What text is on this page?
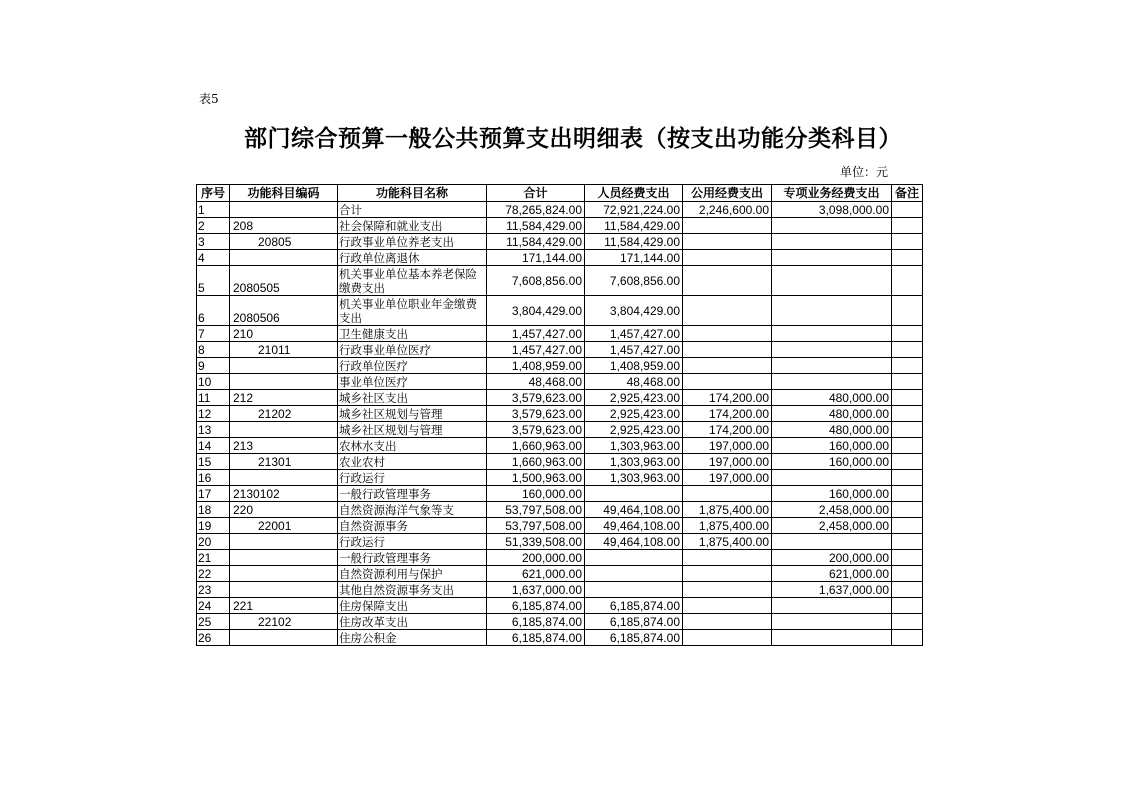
表5
部门综合预算一般公共预算支出明细表（按支出功能分类科目）
单位：元
序号	功能科目编码	功能科目名称	合计	人员经费支出	公用经费支出	专项业务经费支出	备注
1		合计	78,265,824.00	72,921,224.00	2,246,600.00	3,098,000.00	
2	208	社会保障和就业支出	11,584,429.00	11,584,429.00			
3	20805	行政事业单位养老支出	11,584,429.00	11,584,429.00			
4		行政单位离退休	171,144.00	171,144.00			
5	2080505	机关事业单位基本养老保险缴费支出	7,608,856.00	7,608,856.00			
6	2080506	机关事业单位职业年金缴费支出	3,804,429.00	3,804,429.00			
7	210	卫生健康支出	1,457,427.00	1,457,427.00			
8	21011	行政事业单位医疗	1,457,427.00	1,457,427.00			
9		行政单位医疗	1,408,959.00	1,408,959.00			
10		事业单位医疗	48,468.00	48,468.00			
11	212	城乡社区支出	3,579,623.00	2,925,423.00	174,200.00	480,000.00	
12	21202	城乡社区规划与管理	3,579,623.00	2,925,423.00	174,200.00	480,000.00	
13		城乡社区规划与管理	3,579,623.00	2,925,423.00	174,200.00	480,000.00	
14	213	农林水支出	1,660,963.00	1,303,963.00	197,000.00	160,000.00	
15	21301	农业农村	1,660,963.00	1,303,963.00	197,000.00	160,000.00	
16		行政运行	1,500,963.00	1,303,963.00	197,000.00		
17	2130102	一般行政管理事务	160,000.00			160,000.00	
18	220	自然资源海洋气象等支	53,797,508.00	49,464,108.00	1,875,400.00	2,458,000.00	
19	22001	自然资源事务	53,797,508.00	49,464,108.00	1,875,400.00	2,458,000.00	
20		行政运行	51,339,508.00	49,464,108.00	1,875,400.00		
21		一般行政管理事务	200,000.00			200,000.00	
22		自然资源利用与保护	621,000.00			621,000.00	
23		其他自然资源事务支出	1,637,000.00			1,637,000.00	
24	221	住房保障支出	6,185,874.00	6,185,874.00			
25	22102	住房改革支出	6,185,874.00	6,185,874.00			
26		住房公积金	6,185,874.00	6,185,874.00			
